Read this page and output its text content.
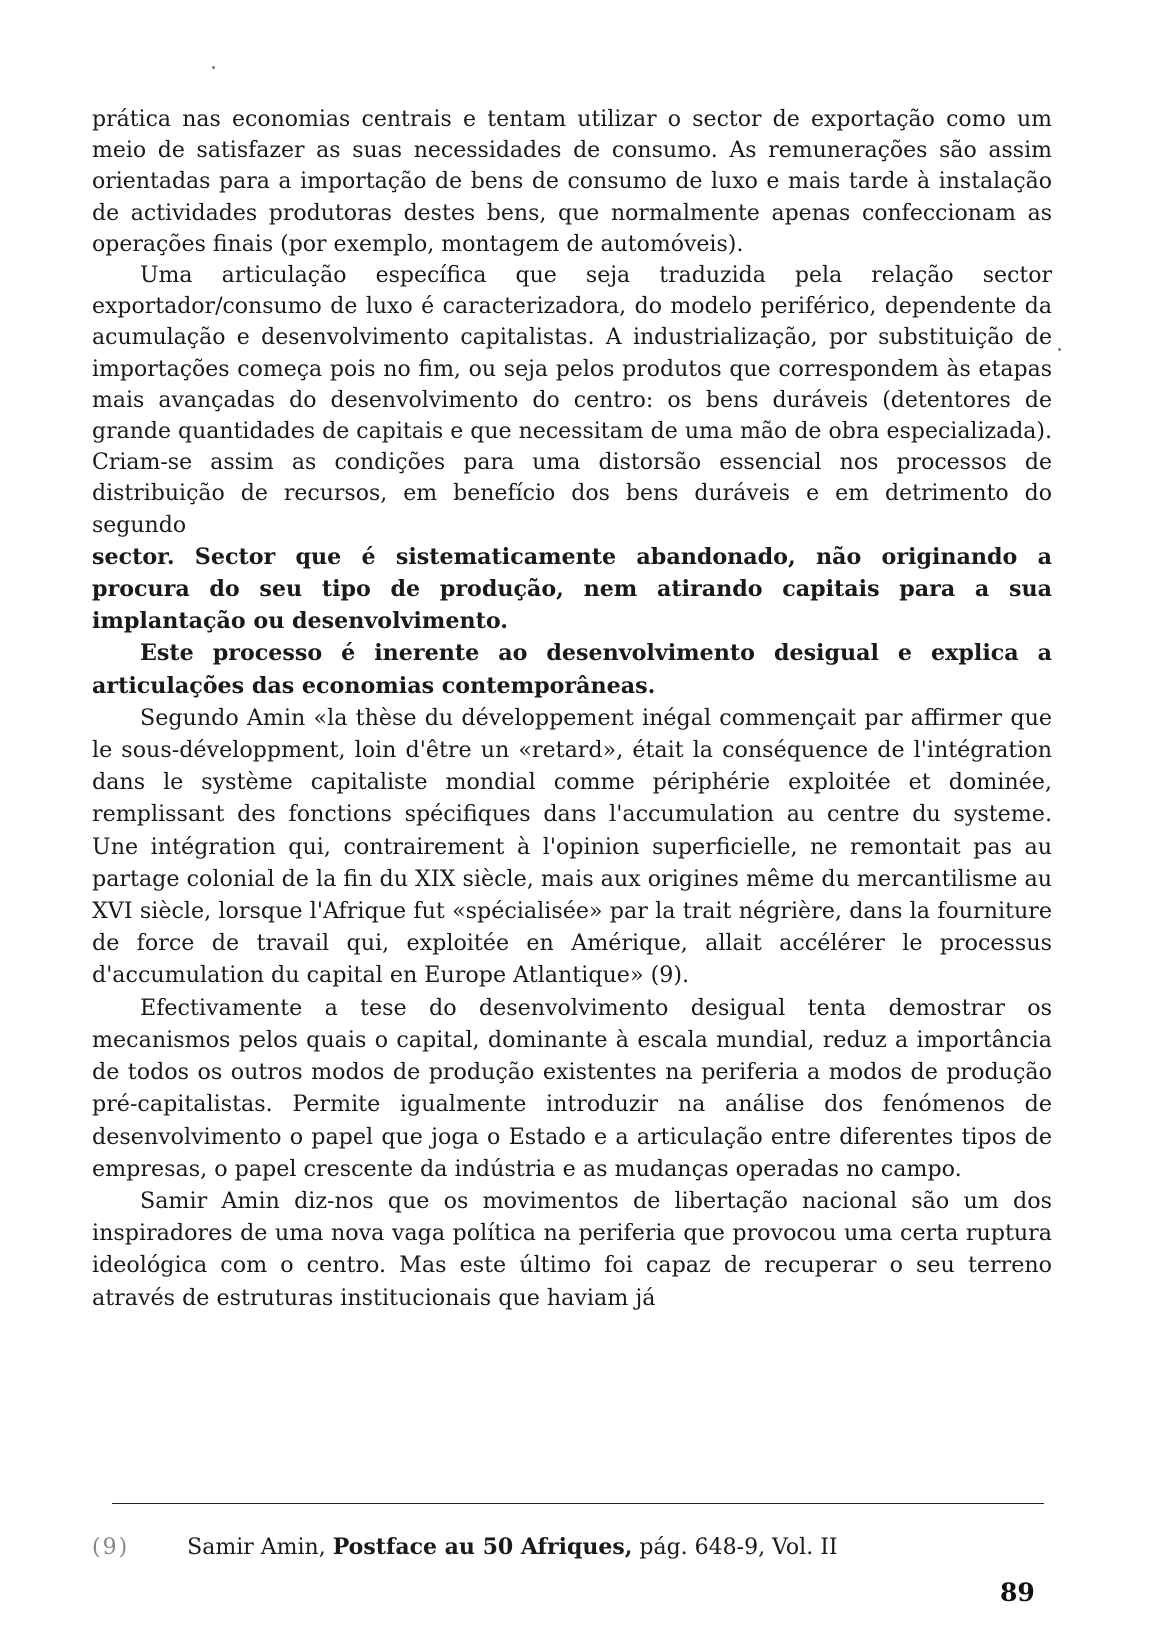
prática nas economias centrais e tentam utilizar o sector de exportação como um meio de satisfazer as suas necessidades de consumo. As remunerações são assim orientadas para a importação de bens de consumo de luxo e mais tarde à instalação de actividades produtoras destes bens, que normalmente apenas confeccionam as operações finais (por exemplo, montagem de automóveis).

Uma articulação específica que seja traduzida pela relação sector exportador/consumo de luxo é caracterizadora, do modelo periférico, dependente da acumulação e desenvolvimento capitalistas. A industrialização, por substituição de importações começa pois no fim, ou seja pelos produtos que correspondem às etapas mais avançadas do desenvolvimento do centro: os bens duráveis (detentores de grande quantidades de capitais e que necessitam de uma mão de obra especializada). Criam-se assim as condições para uma distorsão essencial nos processos de distribuição de recursos, em benefício dos bens duráveis e em detrimento do segundo

sector. Sector que é sistematicamente abandonado, não originando a procura do seu tipo de produção, nem atirando capitais para a sua implantação ou desenvolvimento.

Este processo é inerente ao desenvolvimento desigual e explica a articulações das economias contemporâneas.

Segundo Amin «la thèse du développement inégal commençait par affirmer que le sous-développment, loin d'être un «retard», était la conséquence de l'intégration dans le système capitaliste mondial comme périphérie exploitée et dominée, remplissant des fonctions spécifiques dans l'accumulation au centre du systeme. Une intégration qui, contrairement à l'opinion superficielle, ne remontait pas au partage colonial de la fin du XIX siècle, mais aux origines même du mercantilisme au XVI siècle, lorsque l'Afrique fut «spécialisée» par la trait négrière, dans la fourniture de force de travail qui, exploitée en Amérique, allait accélérer le processus d'accumulation du capital en Europe Atlantique» (9).

Efectivamente a tese do desenvolvimento desigual tenta demostrar os mecanismos pelos quais o capital, dominante à escala mundial, reduz a importância de todos os outros modos de produção existentes na periferia a modos de produção pré-capitalistas. Permite igualmente introduzir na análise dos fenómenos de desenvolvimento o papel que joga o Estado e a articulação entre diferentes tipos de empresas, o papel crescente da indústria e as mudanças operadas no campo.

Samir Amin diz-nos que os movimentos de libertação nacional são um dos inspiradores de uma nova vaga política na periferia que provocou uma certa ruptura ideológica com o centro. Mas este último foi capaz de recuperar o seu terreno através de estruturas institucionais que haviam já

(9)	Samir Amin, Postface au 50 Afriques, pág. 648-9, Vol. II
89
